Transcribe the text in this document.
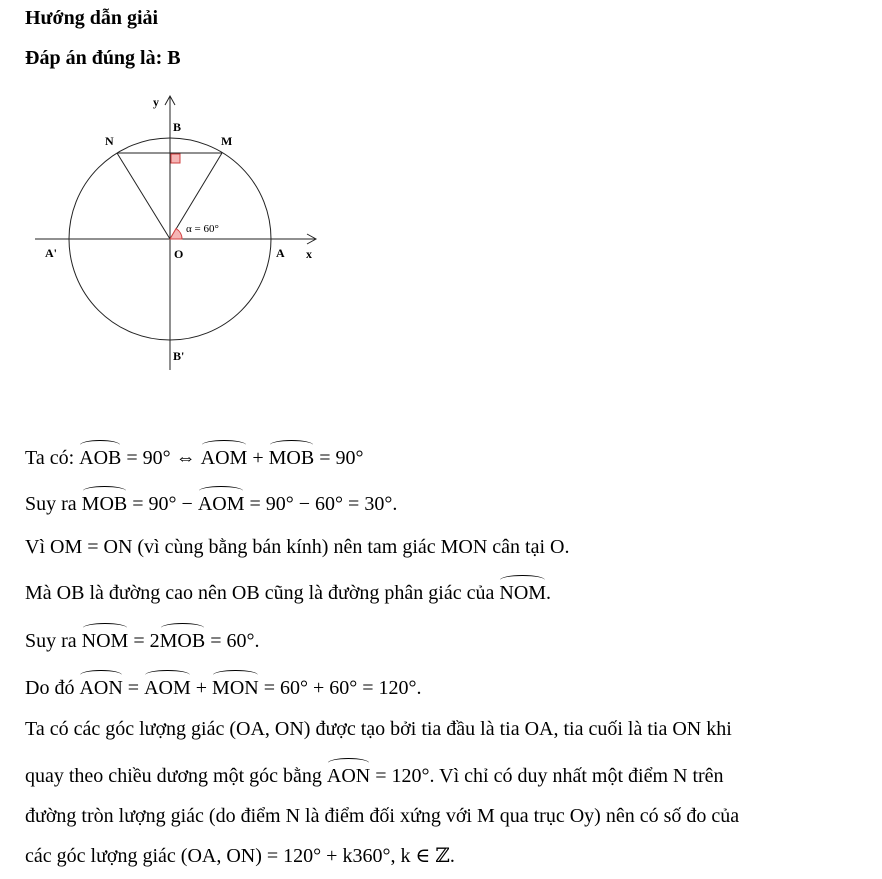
Hướng dẫn giải
Đáp án đúng là: B
y
B
N	M
α = 60°
A'	O	A x
B'
Ta có: AOB = 90° ⇔ AOM + MOB = 90°
Suy ra MOB = 90° − AOM = 90° − 60° = 30°.
Vì OM = ON (vì cùng bằng bán kính) nên tam giác MON cân tại O.
Mà OB là đường cao nên OB cũng là đường phân giác của NOM.
Suy ra NOM = 2MOB = 60°.
Do đó AON = AOM + MON = 60° + 60° = 120°.
Ta có các góc lượng giác (OA, ON) được tạo bởi tia đầu là tia OA, tia cuối là tia ON khi
quay theo chiều dương một góc bằng AON = 120°. Vì chỉ có duy nhất một điểm N trên
đường tròn lượng giác (do điểm N là điểm đối xứng với M qua trục Oy) nên có số đo của
các góc lượng giác (OA, ON) = 120° + k360°, k ∈ ℤ.
